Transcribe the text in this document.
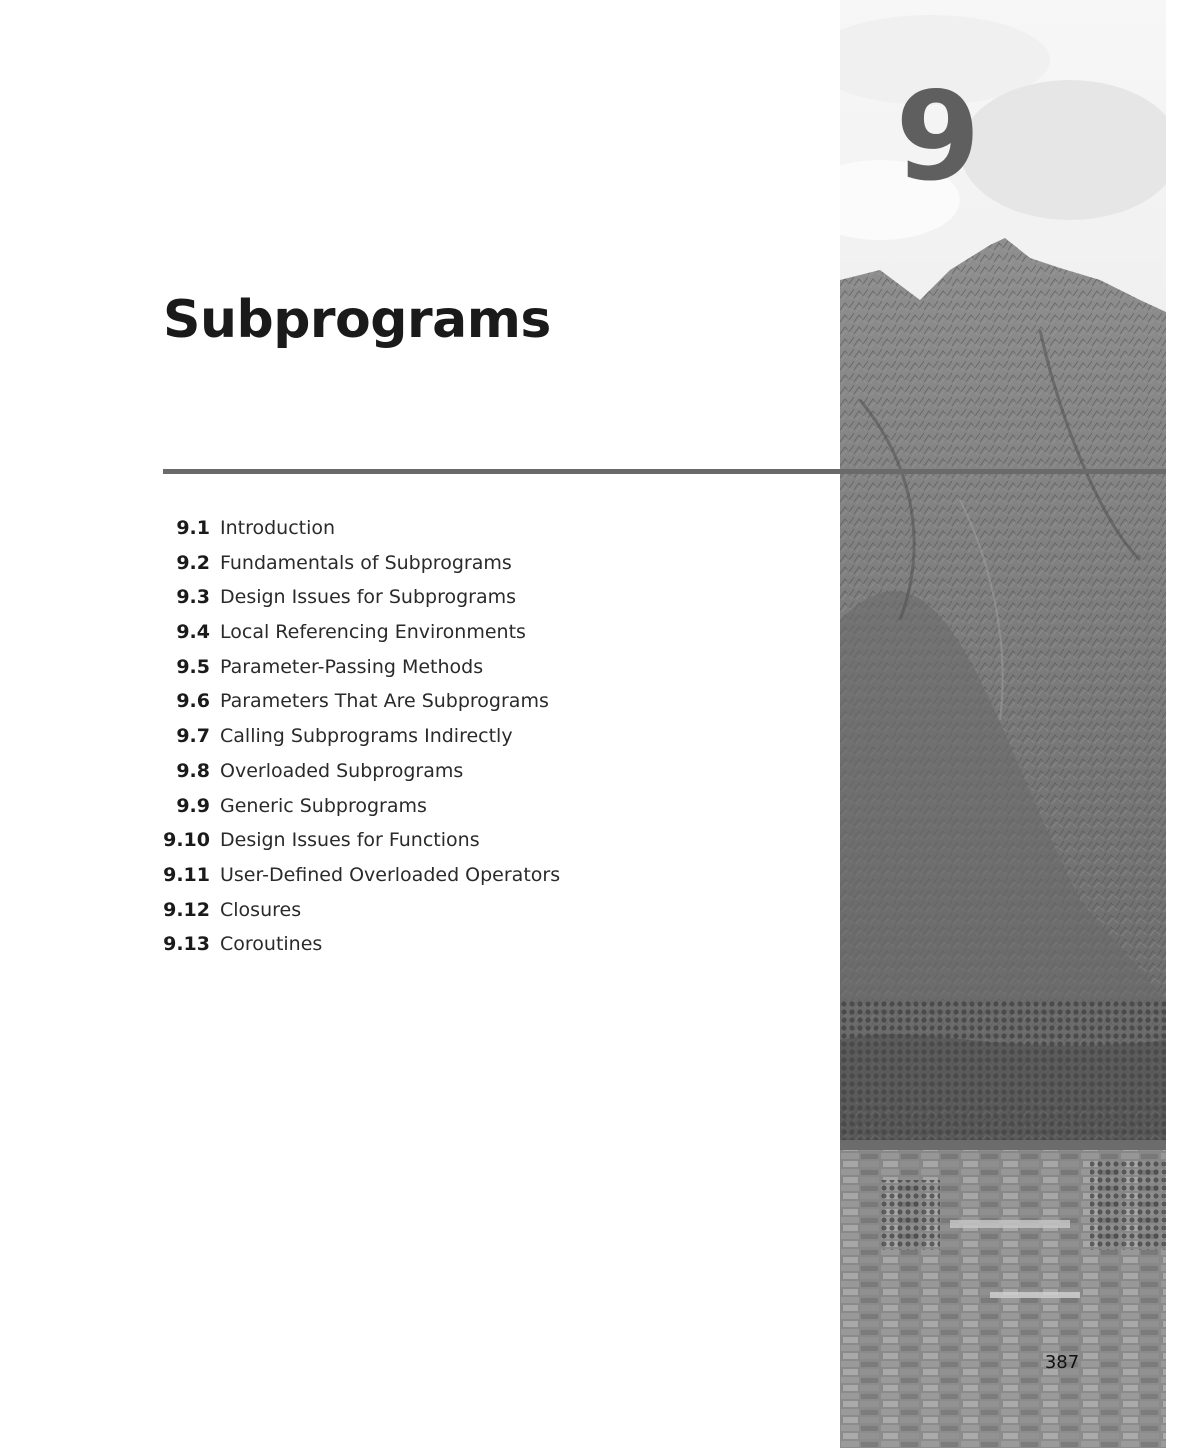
9
Subprograms
9.1 Introduction
9.2 Fundamentals of Subprograms
9.3 Design Issues for Subprograms
9.4 Local Referencing Environments
9.5 Parameter-Passing Methods
9.6 Parameters That Are Subprograms
9.7 Calling Subprograms Indirectly
9.8 Overloaded Subprograms
9.9 Generic Subprograms
9.10 Design Issues for Functions
9.11 User-Defined Overloaded Operators
9.12 Closures
9.13 Coroutines
387
